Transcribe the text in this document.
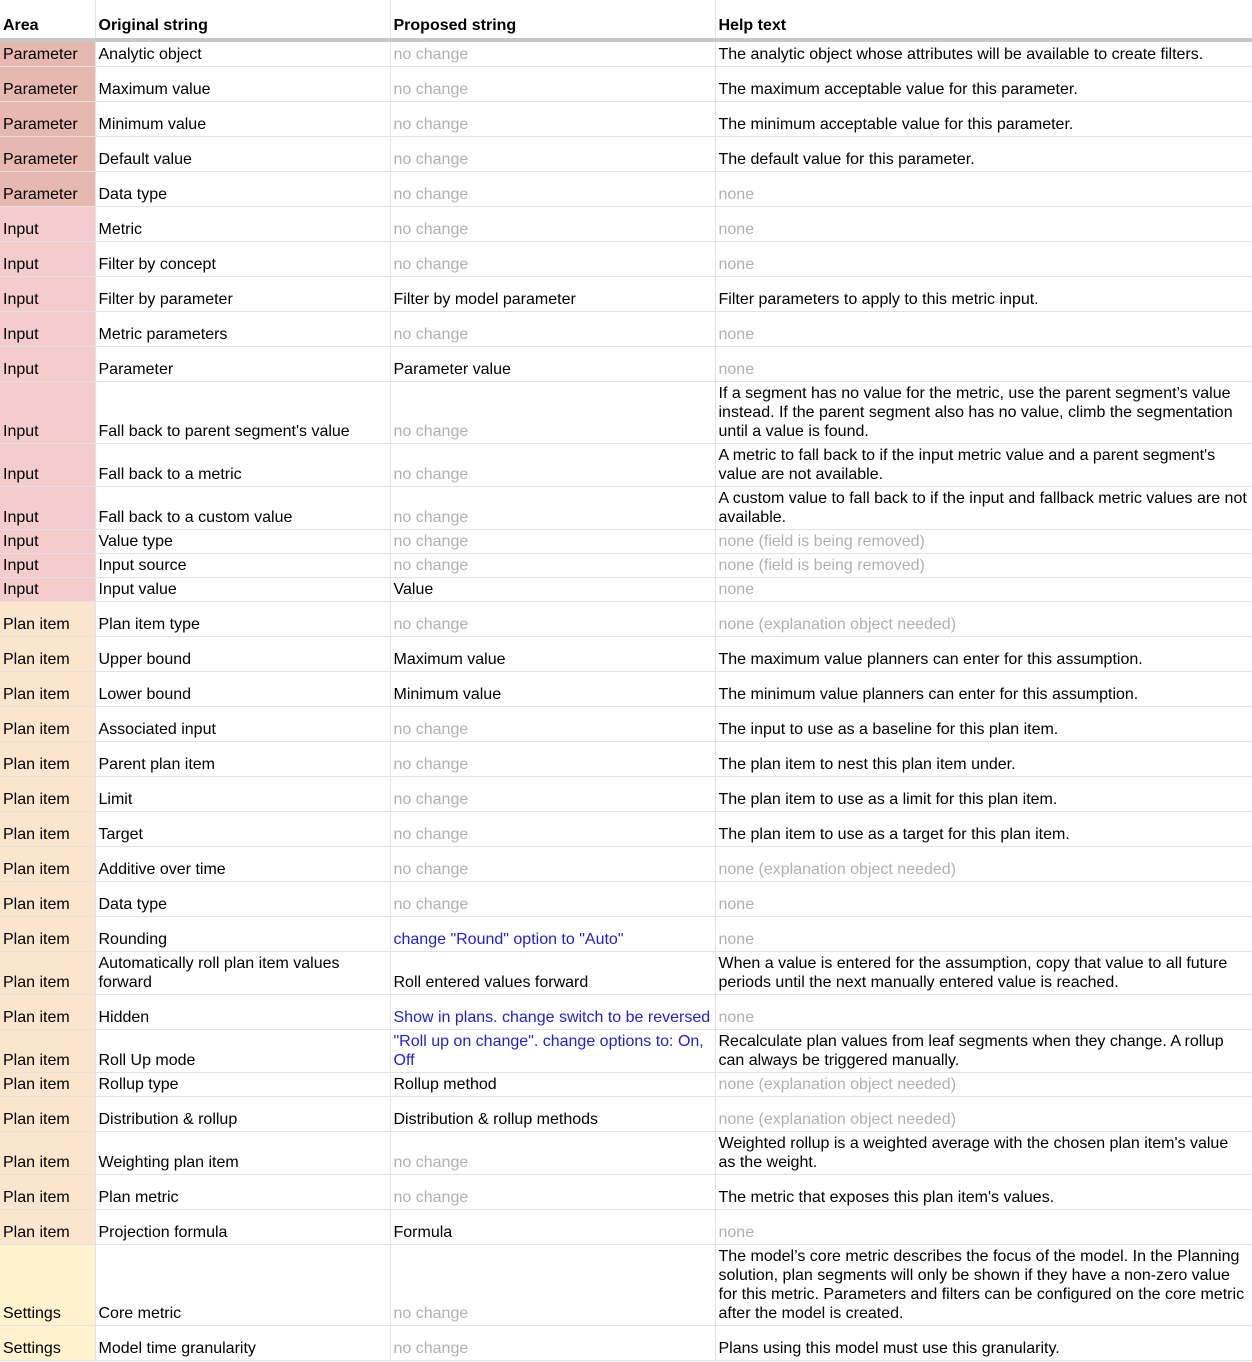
Area	Original string	Proposed string	Help text
Parameter	Analytic object	no change	The analytic object whose attributes will be available to create filters.
Parameter	Maximum value	no change	The maximum acceptable value for this parameter.
Parameter	Minimum value	no change	The minimum acceptable value for this parameter.
Parameter	Default value	no change	The default value for this parameter.
Parameter	Data type	no change	none
Input	Metric	no change	none
Input	Filter by concept	no change	none
Input	Filter by parameter	Filter by model parameter	Filter parameters to apply to this metric input.
Input	Metric parameters	no change	none
Input	Parameter	Parameter value	none
Input	Fall back to parent segment's value	no change	If a segment has no value for the metric, use the parent segment’s value instead. If the parent segment also has no value, climb the segmentation until a value is found.
Input	Fall back to a metric	no change	A metric to fall back to if the input metric value and a parent segment's value are not available.
Input	Fall back to a custom value	no change	A custom value to fall back to if the input and fallback metric values are not available.
Input	Value type	no change	none (field is being removed)
Input	Input source	no change	none (field is being removed)
Input	Input value	Value	none
Plan item	Plan item type	no change	none (explanation object needed)
Plan item	Upper bound	Maximum value	The maximum value planners can enter for this assumption.
Plan item	Lower bound	Minimum value	The minimum value planners can enter for this assumption.
Plan item	Associated input	no change	The input to use as a baseline for this plan item.
Plan item	Parent plan item	no change	The plan item to nest this plan item under.
Plan item	Limit	no change	The plan item to use as a limit for this plan item.
Plan item	Target	no change	The plan item to use as a target for this plan item.
Plan item	Additive over time	no change	none (explanation object needed)
Plan item	Data type	no change	none
Plan item	Rounding	change "Round" option to "Auto"	none
Plan item	Automatically roll plan item values forward	Roll entered values forward	When a value is entered for the assumption, copy that value to all future periods until the next manually entered value is reached.
Plan item	Hidden	Show in plans. change switch to be reversed	none
Plan item	Roll Up mode	"Roll up on change". change options to: On, Off	Recalculate plan values from leaf segments when they change. A rollup can always be triggered manually.
Plan item	Rollup type	Rollup method	none (explanation object needed)
Plan item	Distribution & rollup	Distribution & rollup methods	none (explanation object needed)
Plan item	Weighting plan item	no change	Weighted rollup is a weighted average with the chosen plan item's value as the weight.
Plan item	Plan metric	no change	The metric that exposes this plan item's values.
Plan item	Projection formula	Formula	none
Settings	Core metric	no change	The model’s core metric describes the focus of the model. In the Planning solution, plan segments will only be shown if they have a non-zero value for this metric. Parameters and filters can be configured on the core metric after the model is created.
Settings	Model time granularity	no change	Plans using this model must use this granularity.
